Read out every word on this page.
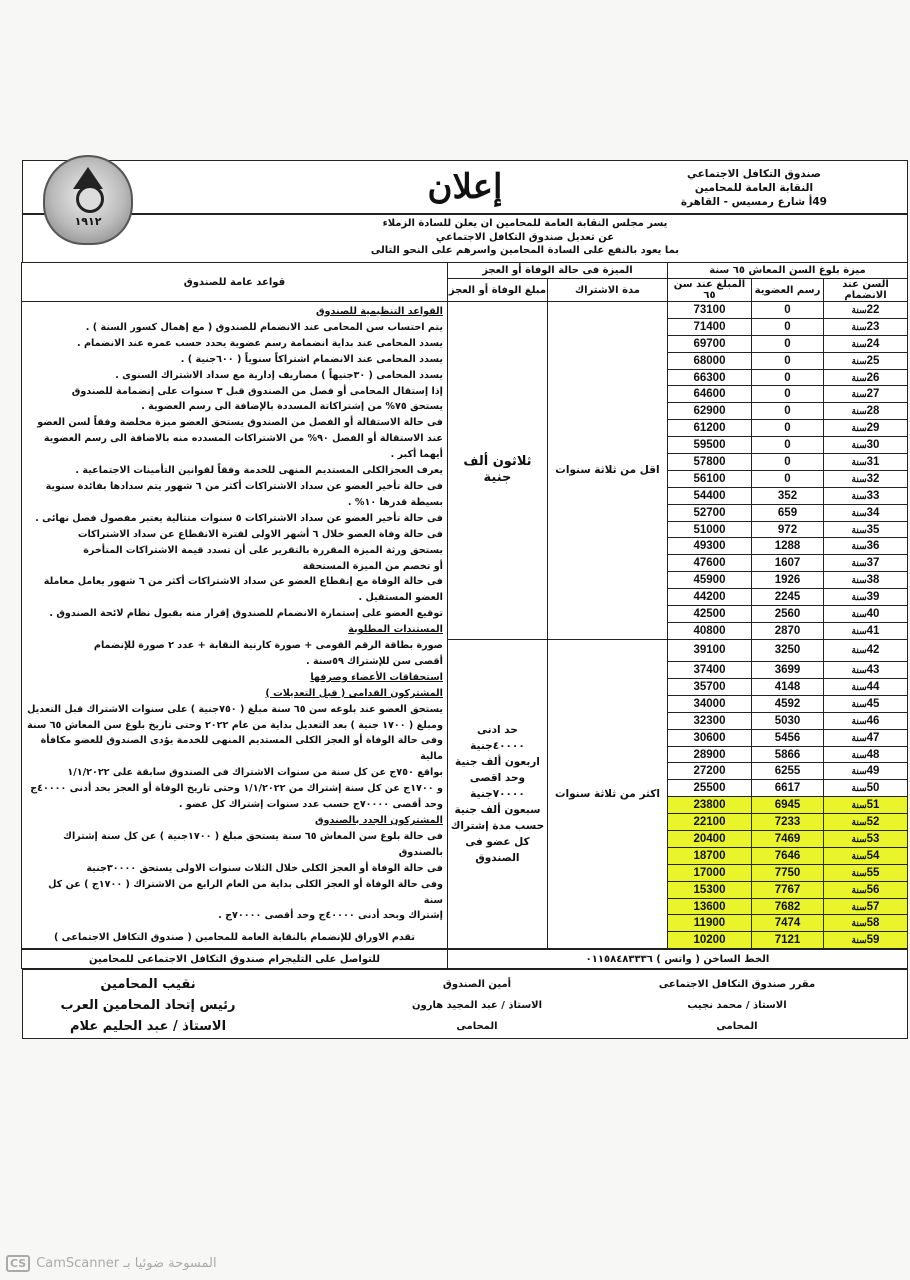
صندوق التكافل الاجتماعي
النقابة العامة للمحامين
49أ شارع رمسيس - القاهرة
إعلان
١٩١٢	يسر مجلس النقابة العامة للمحامين ان يعلن للسادة الزملاء
عن تعديل صندوق التكافل الاجتماعي
بما يعود بالنفع على السادة المحامين واسرهم على النحو التالى
ميزة بلوغ السن المعاش ٦٥ سنة			الميزة فى حالة الوفاة أو العجز		قواعد عامة للصندوق
السن عند الانضمام	رسم العضوية	المبلغ عند سن ٦٥	مدة الاشتراك	مبلغ الوفاة أو العجز	
22سنة	0	73100	اقل من ثلاثة سنوات	ثلاثون ألف جنية	
القواعد التنظيمية للصندوق
يتم احتساب سن المحامى عند الانضمام للصندوق ( مع إهمال كسور السنة ) .
يسدد المحامى عند بداية انضمامة رسم عضوية يحدد حسب عمره عند الانضمام .
يسدد المحامى عند الانضمام اشتراكاً سنوياً ( ٦٠٠جنية ) .
يسدد المحامى ( ٣٠جنيهاً ) مصاريف إدارية مع سداد الاشتراك السنوى .
إذا إستقال المحامى أو فصل من الصندوق قبل ٣ سنوات على إنضمامة للصندوق
يستحق ٧٥% من إشتراكاتة المسددة بالإضافة الى رسم العضوية .
فى حالة الاستقالة أو الفصل من الصندوق يستحق العضو ميزة مخلضة وفقاً لسن العضو
عند الاستقالة أو الفصل ٩٠% من الاشتراكات المسدده منه بالاضافة الى رسم العضوية
أيهما أكبر .
يعرف العجزالكلى المستديم المنهى للخدمة وفقاً لقوانين التأمينات الاجتماعية .
فى حالة تأخير العضو عن سداد الاشتراكات أكثر من ٦ شهور يتم سدادها بفائدة سنوية
بسيطة قدرها ١٠% .
فى حالة تأخير العضو عن سداد الاشتراكات ٥ سنوات متتالية يعتبر مفصول فصل نهائى .
فى حالة وفاة العضو خلال ٦ أشهر الاولى لفترة الانقطاع عن سداد الاشتراكات
يستحق ورثة الميزة المقررة بالتقرير على أن تسدد قيمة الاشتراكات المتأخرة
أو تخصم من الميزة المستحقة
فى حالة الوفاة مع إنقطاع العضو عن سداد الاشتراكات أكثر من ٦ شهور يعامل معاملة
العضو المستقيل .
توقيع العضو على إستمارة الانضمام للصندوق إقرار منه بقبول نظام لائحة الصندوق .
المستندات المطلوبة
صورة بطاقة الرقم القومى + صورة كارنية النقابة + عدد ٢ صورة للإنضمام
أقصى سن للإشتراك ٥٩سنة .
استحقاقات الأعضاء وصرفها
المشتركون القدامى ( قبل التعديلات )
يستحق العضو عند بلوغه سن ٦٥ سنة مبلغ ( ٧٥٠جنية ) على سنوات الاشتراك قبل التعديل
ومبلغ ( ١٧٠٠ جنية ) بعد التعديل بداية من عام ٢٠٢٢ وحتى تاريخ بلوغ سن المعاش ٦٥ سنة
وفى حالة الوفاة أو العجز الكلى المستديم المنهى للخدمة يؤدى الصندوق للعضو مكافأة مالية
بواقع ٧٥٠ج عن كل سنة من سنوات الاشتراك فى الصندوق سابقة على ١/١/٢٠٢٢
و ١٧٠٠ج عن كل سنة إشتراك من ١/١/٢٠٢٢ وحتى تاريخ الوفاة أو العجز بحد أدنى ٤٠٠٠٠ج
وحد أقصى ٧٠٠٠٠ج حسب عدد سنوات إشتراك كل عضو .
المشتركون الجدد بالصندوق
فى حالة بلوغ سن المعاش ٦٥ سنة يستحق مبلغ ( ١٧٠٠جنية ) عن كل سنة إشتراك بالصندوق
فى حالة الوفاة أو العجز الكلى خلال الثلاث سنوات الاولى يستحق ٣٠٠٠٠جنية
وفى حالة الوفاة أو العجز الكلى بداية من العام الرابع من الاشتراك ( ١٧٠٠ج ) عن كل سنة
إشتراك وبحد أدنى ٤٠٠٠٠ج وحد أقصى ٧٠٠٠٠ج .
تقدم الاوراق للإنضمام بالنقابة العامة للمحامين ( صندوق التكافل الاجتماعى )

23سنة	0	71400			
24سنة	0	69700			
25سنة	0	68000			
26سنة	0	66300			
27سنة	0	64600			
28سنة	0	62900			
29سنة	0	61200			
30سنة	0	59500			
31سنة	0	57800			
32سنة	0	56100			
33سنة	352	54400			
34سنة	659	52700			
35سنة	972	51000			
36سنة	1288	49300			
37سنة	1607	47600			
38سنة	1926	45900			
39سنة	2245	44200			
40سنة	2560	42500			
41سنة	2870	40800			
42سنة	3250	39100	اكثر من ثلاثة سنوات	
حد ادنى ٤٠٠٠٠جنية
اربعون ألف جنية
وحد اقصى ٧٠٠٠٠جنية
سبعون ألف جنية
حسب مدة إشتراك
كل عضو فى الصندوق

43سنة	3699	37400			
44سنة	4148	35700			
45سنة	4592	34000			
46سنة	5030	32300			
47سنة	5456	30600			
48سنة	5866	28900			
49سنة	6255	27200			
50سنة	6617	25500			
51سنة	6945	23800			
52سنة	7233	22100			
53سنة	7469	20400			
54سنة	7646	18700			
55سنة	7750	17000			
56سنة	7767	15300			
57سنة	7682	13600			
58سنة	7474	11900			
59سنة	7121	10200			
الخط الساخن ( واتس ) ٠١١٥٨٤٨٣٣٣٦	للتواصل على التليجرام صندوق التكافل الاجتماعى للمحامين
مقرر صندوق التكافل الاجتماعى
الاستاذ / محمد نجيب
المحامى
أمين الصندوق
الاستاذ / عبد المجيد هارون
المحامى
نقيب المحامين
رئيس إتحاد المحامين العرب
الاستاذ / عبد الحليم علام
CS CamScanner المسوحة ضوئيا بـ
